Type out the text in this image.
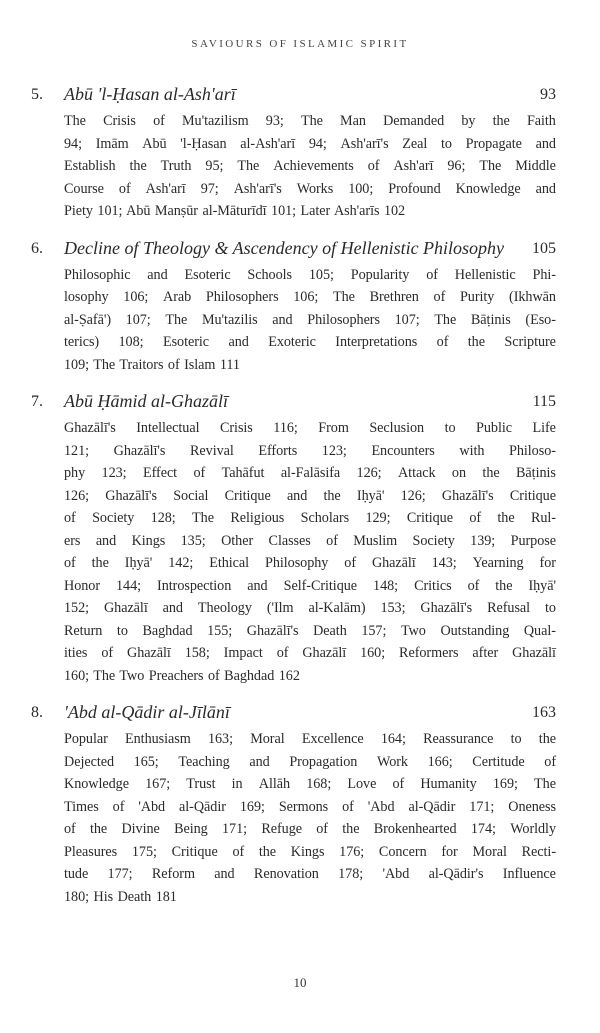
SAVIOURS OF ISLAMIC SPIRIT
5. Abū 'l-Ḥasan al-Ash'arī	93
The Crisis of Mu'tazilism 93; The Man Demanded by the Faith
94; Imām Abū 'l-Ḥasan al-Ash'arī 94; Ash'arī's Zeal to Propagate and
Establish the Truth 95; The Achievements of Ash'arī 96; The Middle
Course of Ash'arī 97; Ash'arī's Works 100; Profound Knowledge and
Piety 101; Abū Manṣūr al-Māturīdī 101; Later Ash'arīs 102
6. Decline of Theology & Ascendency of Hellenistic Philosophy 105
Philosophic and Esoteric Schools 105; Popularity of Hellenistic Phi-
losophy 106; Arab Philosophers 106; The Brethren of Purity (Ikhwān
al-Ṣafā') 107; The Mu'tazilis and Philosophers 107; The Bāṭinis (Eso-
terics) 108; Esoteric and Exoteric Interpretations of the Scripture
109; The Traitors of Islam 111
7. Abū Ḥāmid al-Ghazālī	115
Ghazālī's Intellectual Crisis 116; From Seclusion to Public Life
121; Ghazālī's Revival Efforts 123; Encounters with Philoso-
phy 123; Effect of Tahāfut al-Falāsifa 126; Attack on the Bāṭinis
126; Ghazālī's Social Critique and the Iḥyā' 126; Ghazālī's Critique
of Society 128; The Religious Scholars 129; Critique of the Rul-
ers and Kings 135; Other Classes of Muslim Society 139; Purpose
of the Iḥyā' 142; Ethical Philosophy of Ghazālī 143; Yearning for
Honor 144; Introspection and Self-Critique 148; Critics of the Iḥyā'
152; Ghazālī and Theology ('Ilm al-Kalām) 153; Ghazālī's Refusal to
Return to Baghdad 155; Ghazālī's Death 157; Two Outstanding Qual-
ities of Ghazālī 158; Impact of Ghazālī 160; Reformers after Ghazālī
160; The Two Preachers of Baghdad 162
8. 'Abd al-Qādir al-Jīlānī	163
Popular Enthusiasm 163; Moral Excellence 164; Reassurance to the
Dejected 165; Teaching and Propagation Work 166; Certitude of
Knowledge 167; Trust in Allāh 168; Love of Humanity 169; The
Times of 'Abd al-Qādir 169; Sermons of 'Abd al-Qādir 171; Oneness
of the Divine Being 171; Refuge of the Brokenhearted 174; Worldly
Pleasures 175; Critique of the Kings 176; Concern for Moral Recti-
tude 177; Reform and Renovation 178; 'Abd al-Qādir's Influence
180; His Death 181
10
